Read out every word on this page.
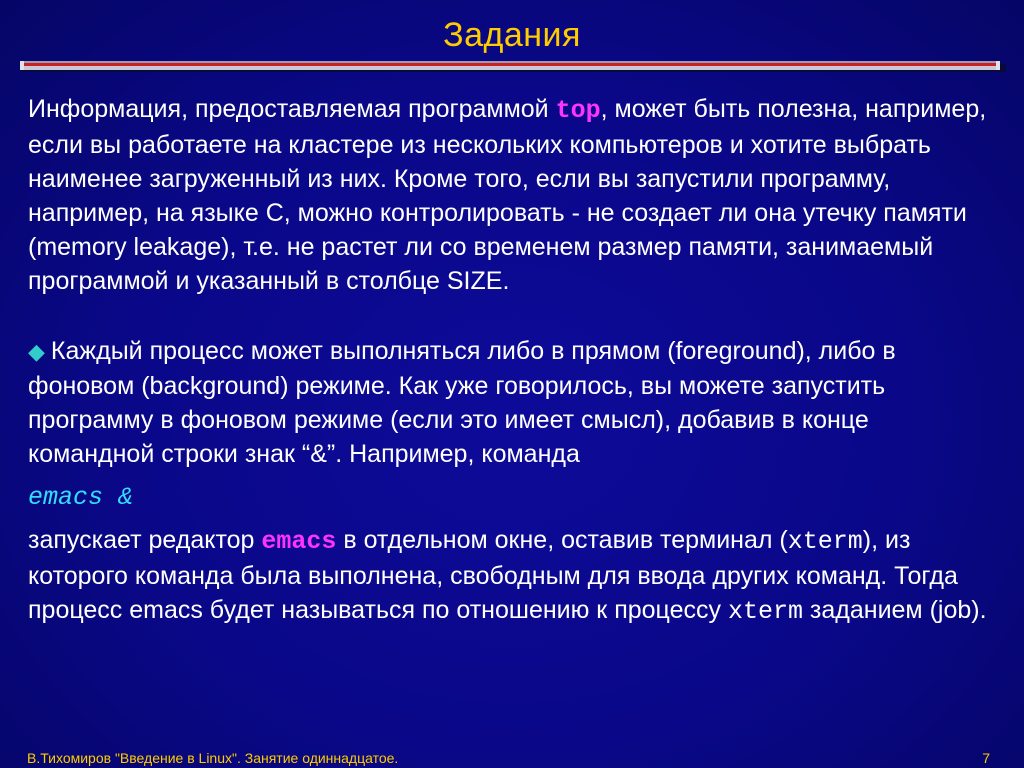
Задания

Информация, предоставляемая программой top, может быть полезна, например, если вы работаете на кластере из нескольких компьютеров и хотите выбрать наименее загруженный из них. Кроме того, если вы запустили программу, например, на языке С, можно контролировать - не создает ли она утечку памяти (memory leakage), т.е. не растет ли со временем размер памяти, занимаемый программой и указанный в столбце SIZE.

◆ Каждый процесс может выполняться либо в прямом (foreground), либо в фоновом (background) режиме. Как уже говорилось, вы можете запустить программу в фоновом режиме (если это имеет смысл), добавив в конце командной строки знак “&”. Например, команда

emacs &

запускает редактор emacs в отдельном окне, оставив терминал (xterm), из которого команда была выполнена, свободным для ввода других команд. Тогда процесс emacs будет называться по отношению к процессу xterm заданием (job).

В.Тихомиров "Введение в Linux". Занятие одиннадцатое.	7
